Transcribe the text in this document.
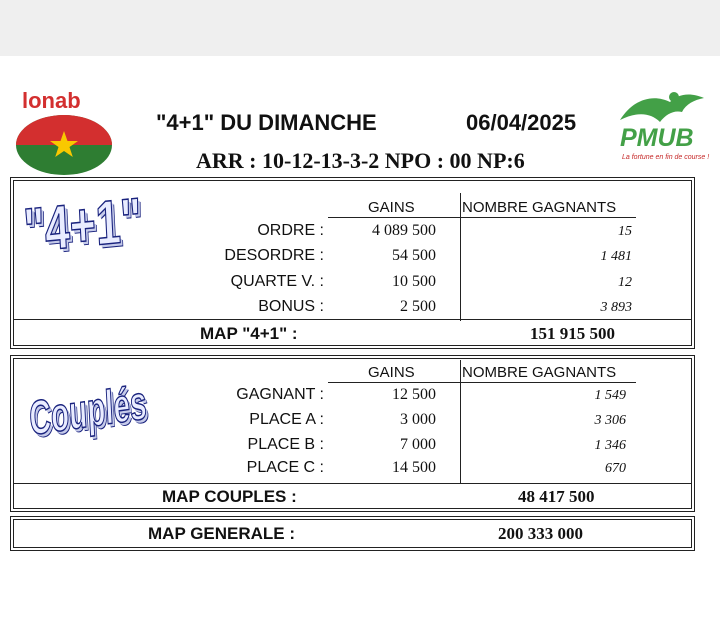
lonab
PMUB
La fortune en fin de course !
"4+1" DU DIMANCHE	06/04/2025
ARR : 10-12-13-3-2 NPO : 00 NP:6
"4+1"	GAINS	NOMBRE GAGNANTS
ORDRE :	4 089 500	15
DESORDRE :	54 500	1 481
QUARTE V. :	10 500	12
BONUS :	2 500	3 893
MAP "4+1" :	151 915 500
Couplés
GAINS	NOMBRE GAGNANTS
GAGNANT :	12 500	1 549
PLACE A :	3 000	3 306
PLACE B :	7 000	1 346
PLACE C :	14 500	670
MAP COUPLES :	48 417 500
MAP GENERALE :	200 333 000
